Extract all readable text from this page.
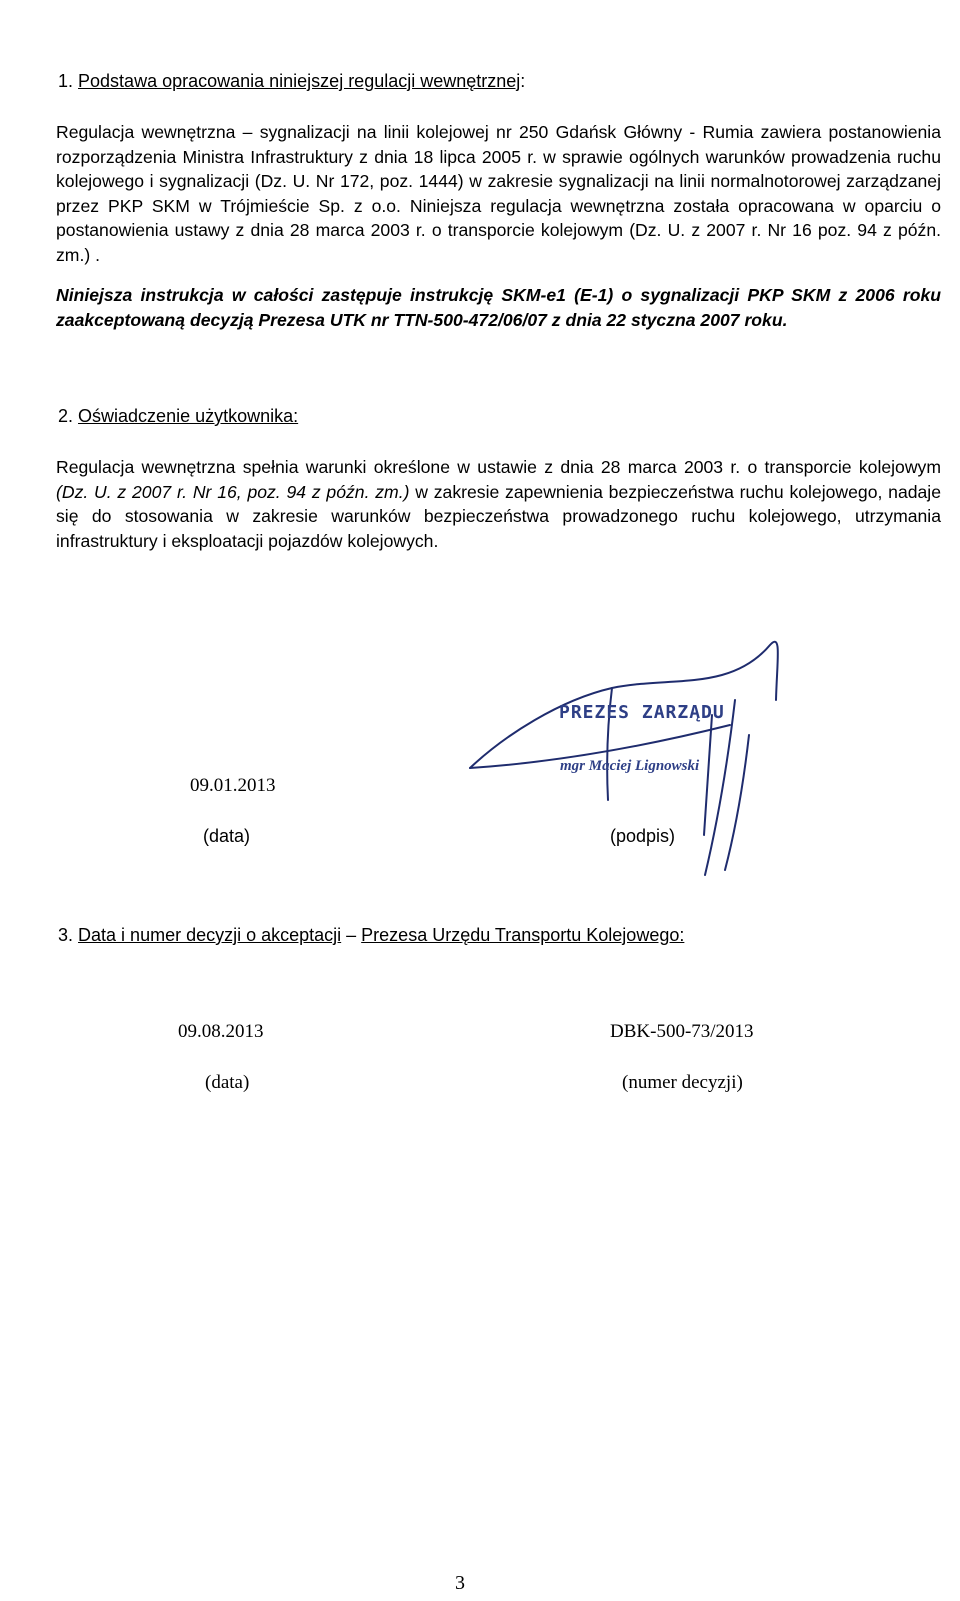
1. Podstawa opracowania niniejszej regulacji wewnętrznej:
Regulacja wewnętrzna – sygnalizacji na linii kolejowej nr 250 Gdańsk Główny - Rumia zawiera postanowienia rozporządzenia Ministra Infrastruktury z dnia 18 lipca 2005 r. w sprawie ogólnych warunków prowadzenia ruchu kolejowego i sygnalizacji (Dz. U. Nr 172, poz. 1444) w zakresie sygnalizacji na linii normalnotorowej zarządzanej przez PKP SKM w Trójmieście Sp. z o.o. Niniejsza regulacja wewnętrzna została opracowana w oparciu o postanowienia ustawy z dnia 28 marca 2003 r. o transporcie kolejowym (Dz. U. z 2007 r. Nr 16 poz. 94 z późn. zm.) .
Niniejsza instrukcja w całości zastępuje instrukcję SKM-e1 (E-1) o sygnalizacji PKP SKM z 2006 roku zaakceptowaną decyzją Prezesa UTK nr TTN-500-472/06/07 z dnia 22 styczna 2007 roku.
2. Oświadczenie użytkownika:
Regulacja wewnętrzna spełnia warunki określone w ustawie z dnia 28 marca 2003 r. o transporcie kolejowym (Dz. U. z 2007 r. Nr 16, poz. 94 z późn. zm.) w zakresie zapewnienia bezpieczeństwa ruchu kolejowego, nadaje się do stosowania w zakresie warunków bezpieczeństwa prowadzonego ruchu kolejowego, utrzymania infrastruktury i eksploatacji pojazdów kolejowych.
PREZES ZARZĄDU
mgr Maciej Lignowski
09.01.2013
(data)	(podpis)
3. Data i numer decyzji o akceptacji – Prezesa Urzędu Transportu Kolejowego:
09.08.2013	DBK-500-73/2013
(data)	(numer decyzji)
3
